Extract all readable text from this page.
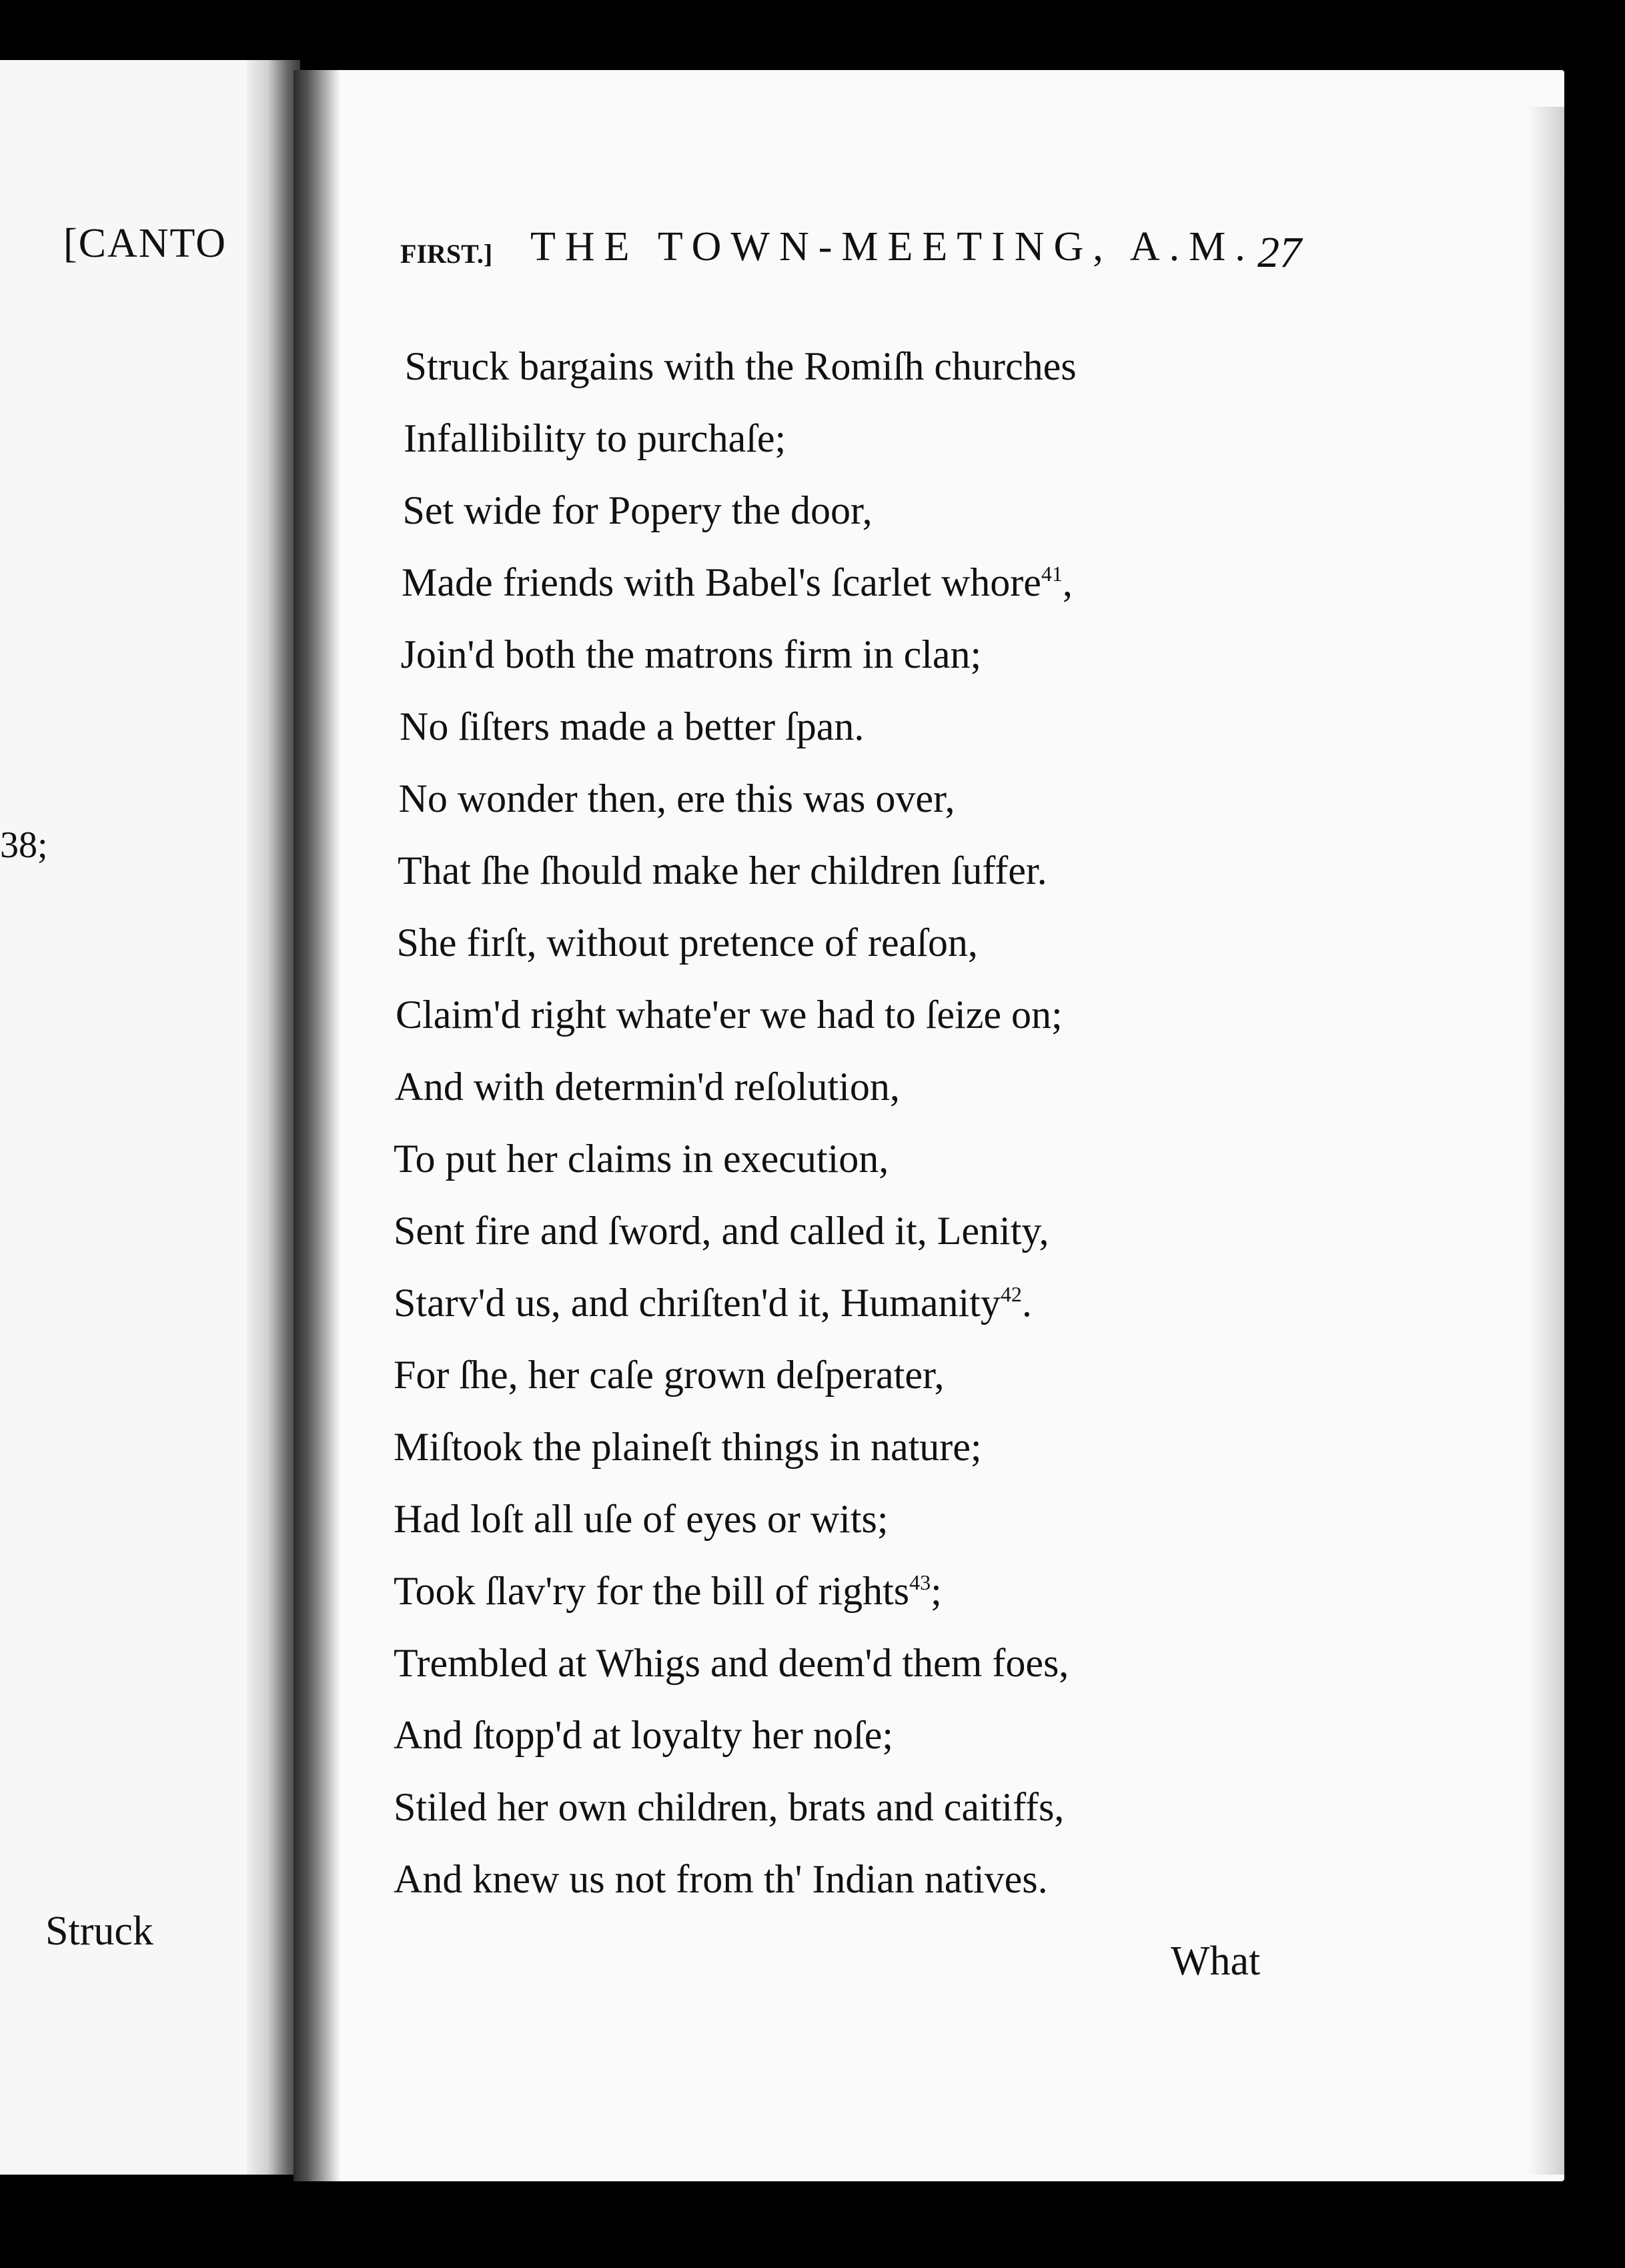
[CANTO
38;
Struck
FIRST.] THE TOWN-MEETING, A.M. 27
Struck bargains with the Romiſh churches
Infallibility to purchaſe;
Set wide for Popery the door,
Made friends with Babel's ſcarlet whore$^{41}$,
Join'd both the matrons firm in clan;
No ſiſters made a better ſpan.
No wonder then, ere this was over,
That ſhe ſhould make her children ſuffer.
She firſt, without pretence of reaſon,
Claim'd right whate'er we had to ſeize on;
And with determin'd reſolution,
To put her claims in execution,
Sent fire and ſword, and called it, Lenity,
Starv'd us, and chriſten'd it, Humanity$^{42}$.
For ſhe, her caſe grown deſperater,
Miſtook the plaineſt things in nature;
Had loſt all uſe of eyes or wits;
Took ſlav'ry for the bill of rights$^{43}$;
Trembled at Whigs and deem'd them foes,
And ſtopp'd at loyalty her noſe;
Stiled her own children, brats and caitiffs,
And knew us not from th' Indian natives.
What
